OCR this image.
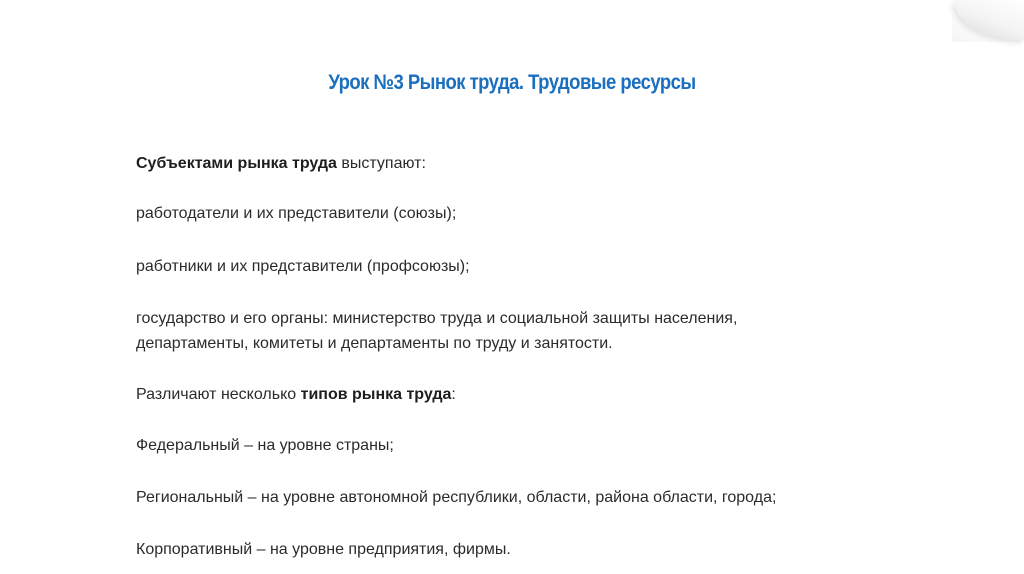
Урок №3 Рынок труда. Трудовые ресурсы
Субъектами рынка труда выступают:
работодатели и их представители (союзы);
работники и их представители (профсоюзы);
государство и его органы: министерство труда и социальной защиты населения,
департаменты, комитеты и департаменты по труду и занятости.
Различают несколько типов рынка труда:
Федеральный – на уровне страны;
Региональный – на уровне автономной республики, области, района области, города;
Корпоративный – на уровне предприятия, фирмы.
